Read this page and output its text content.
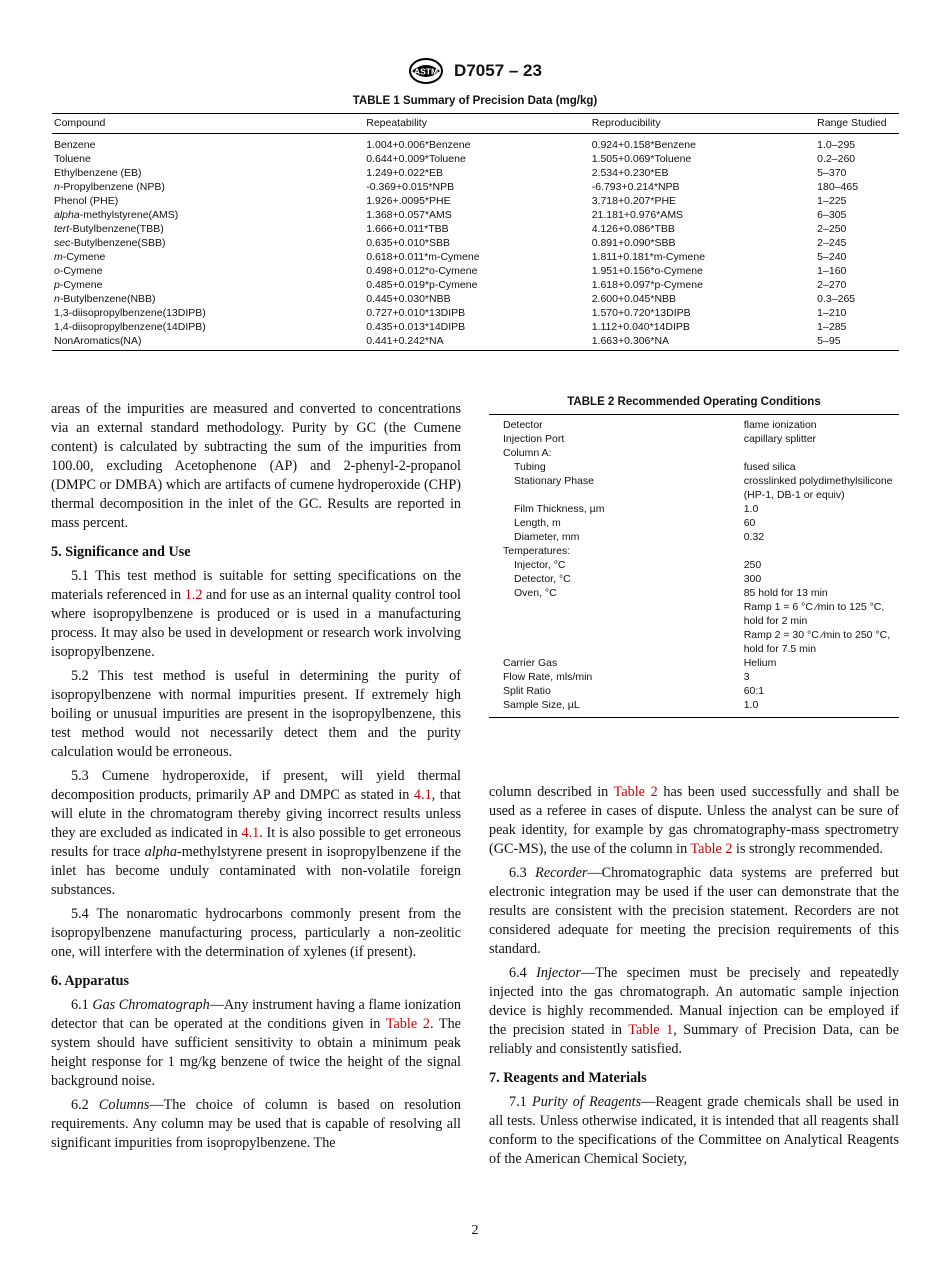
ASTM D7057 – 23
TABLE 1 Summary of Precision Data (mg/kg)
Compound	Repeatability	Reproducibility	Range Studied
Benzene	1.004+0.006*Benzene	0.924+0.158*Benzene	1.0–295
Toluene	0.644+0.009*Toluene	1.505+0.069*Toluene	0.2–260
Ethylbenzene (EB)	1.249+0.022*EB	2.534+0.230*EB	5–370
n-Propylbenzene (NPB)	-0.369+0.015*NPB	-6.793+0.214*NPB	180–465
Phenol (PHE)	1.926+.0095*PHE	3.718+0.207*PHE	1–225
alpha-methylstyrene(AMS)	1.368+0.057*AMS	21.181+0.976*AMS	6–305
tert-Butylbenzene(TBB)	1.666+0.011*TBB	4.126+0.086*TBB	2–250
sec-Butylbenzene(SBB)	0.635+0.010*SBB	0.891+0.090*SBB	2–245
m-Cymene	0.618+0.011*m-Cymene	1.811+0.181*m-Cymene	5–240
o-Cymene	0.498+0.012*o-Cymene	1.951+0.156*o-Cymene	1–160
p-Cymene	0.485+0.019*p-Cymene	1.618+0.097*p-Cymene	2–270
n-Butylbenzene(NBB)	0.445+0.030*NBB	2.600+0.045*NBB	0.3–265
1,3-diisopropylbenzene(13DIPB)	0.727+0.010*13DIPB	1.570+0.720*13DIPB	1–210
1,4-diisopropylbenzene(14DIPB)	0.435+0.013*14DIPB	1.112+0.040*14DIPB	1–285
NonAromatics(NA)	0.441+0.242*NA	1.663+0.306*NA	5–95

areas of the impurities are measured and converted to concentrations via an external standard methodology. Purity by GC (the Cumene content) is calculated by subtracting the sum of the impurities from 100.00, excluding Acetophenone (AP) and 2-phenyl-2-propanol (DMPC or DMBA) which are artifacts of cumene hydroperoxide (CHP) thermal decomposition in the inlet of the GC. Results are reported in mass percent.

5. Significance and Use

5.1 This test method is suitable for setting specifications on the materials referenced in 1.2 and for use as an internal quality control tool where isopropylbenzene is produced or is used in a manufacturing process. It may also be used in development or research work involving isopropylbenzene.

5.2 This test method is useful in determining the purity of isopropylbenzene with normal impurities present. If extremely high boiling or unusual impurities are present in the isopropylbenzene, this test method would not necessarily detect them and the purity calculation would be erroneous.

5.3 Cumene hydroperoxide, if present, will yield thermal decomposition products, primarily AP and DMPC as stated in 4.1, that will elute in the chromatogram thereby giving incorrect results unless they are excluded as indicated in 4.1. It is also possible to get erroneous results for trace alpha-methylstyrene present in isopropylbenzene if the inlet has become unduly contaminated with non-volatile foreign substances.

5.4 The nonaromatic hydrocarbons commonly present from the isopropylbenzene manufacturing process, particularly a non-zeolitic one, will interfere with the determination of xylenes (if present).

6. Apparatus

6.1 Gas Chromatograph—Any instrument having a flame ionization detector that can be operated at the conditions given in Table 2. The system should have sufficient sensitivity to obtain a minimum peak height response for 1 mg/kg benzene of twice the height of the signal background noise.

6.2 Columns—The choice of column is based on resolution requirements. Any column may be used that is capable of resolving all significant impurities from isopropylbenzene. The

TABLE 2 Recommended Operating Conditions
Detector	flame ionization
Injection Port	capillary splitter
Column A:	
Tubing	fused silica
Stationary Phase	crosslinked polydimethylsilicone (HP-1, DB-1 or equiv)
Film Thickness, µm	1.0
Length, m	60
Diameter, mm	0.32
Temperatures:	
Injector, °C	250
Detector, °C	300
Oven, °C	85 hold for 13 min
Ramp 1 = 6 °C ⁄min to 125 °C, hold for 2 min
Ramp 2 = 30 °C ⁄min to 250 °C, hold for 7.5 min
Carrier Gas	Helium
Flow Rate, mls/min	3
Split Ratio	60:1
Sample Size, µL	1.0

column described in Table 2 has been used successfully and shall be used as a referee in cases of dispute. Unless the analyst can be sure of peak identity, for example by gas chromatography-mass spectrometry (GC-MS), the use of the column in Table 2 is strongly recommended.

6.3 Recorder—Chromatographic data systems are preferred but electronic integration may be used if the user can demonstrate that the results are consistent with the precision statement. Recorders are not considered adequate for meeting the precision requirements of this standard.

6.4 Injector—The specimen must be precisely and repeatedly injected into the gas chromatograph. An automatic sample injection device is highly recommended. Manual injection can be employed if the precision stated in Table 1, Summary of Precision Data, can be reliably and consistently satisfied.

7. Reagents and Materials

7.1 Purity of Reagents—Reagent grade chemicals shall be used in all tests. Unless otherwise indicated, it is intended that all reagents shall conform to the specifications of the Committee on Analytical Reagents of the American Chemical Society,

2
